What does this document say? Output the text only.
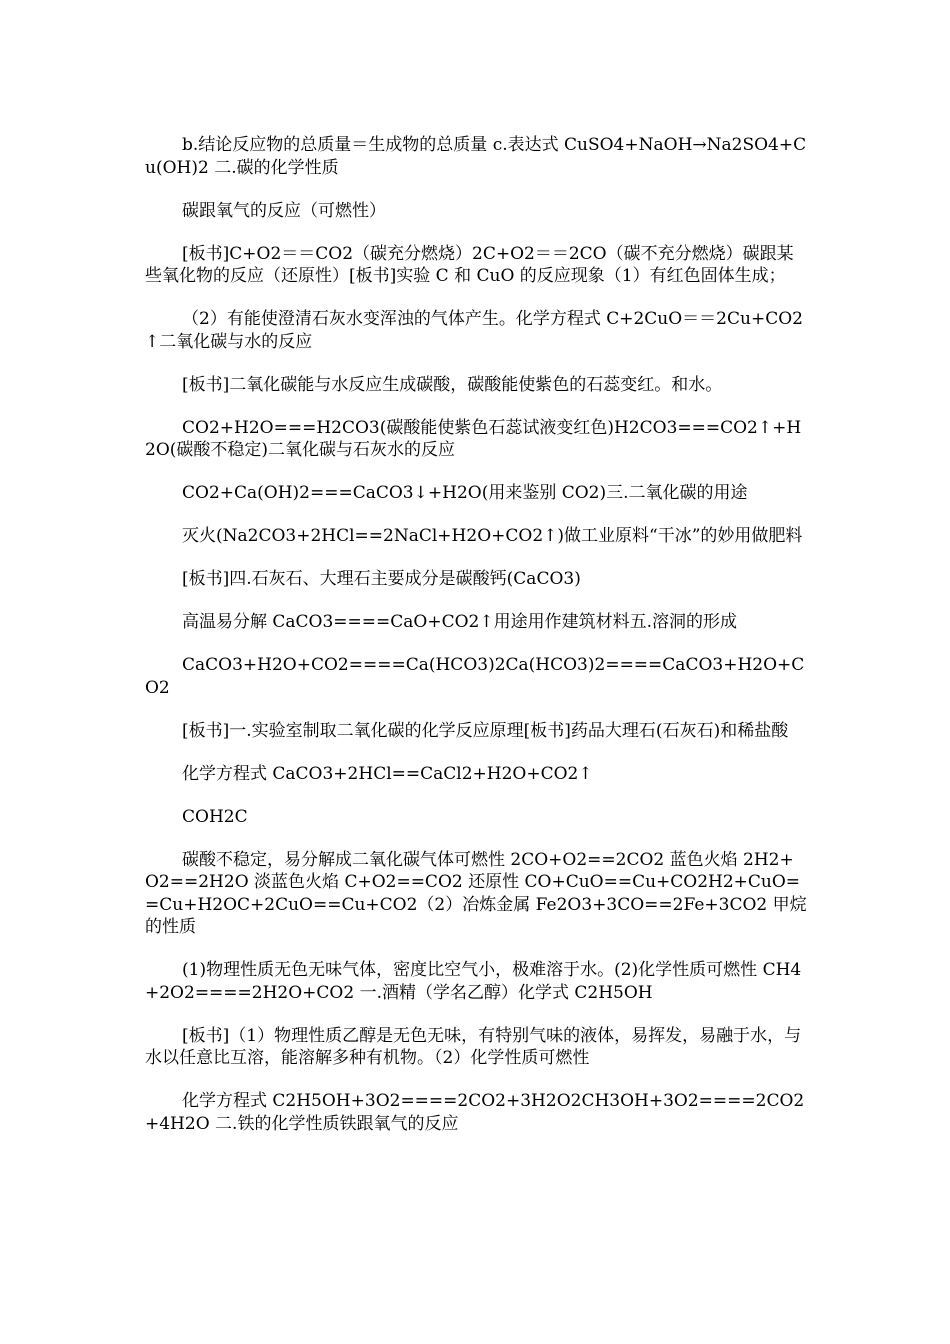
b.结论反应物的总质量＝生成物的总质量 c.表达式 CuSO4+NaOH→Na2SO4+Cu(OH)2 二.碳的化学性质

碳跟氧气的反应（可燃性）

[板书]C+O2＝＝CO2（碳充分燃烧）2C+O2＝＝2CO（碳不充分燃烧）碳跟某些氧化物的反应（还原性）[板书]实验 C 和 CuO 的反应现象（1）有红色固体生成；

（2）有能使澄清石灰水变浑浊的气体产生。化学方程式 C+2CuO＝＝2Cu+CO2↑二氧化碳与水的反应

[板书]二氧化碳能与水反应生成碳酸，碳酸能使紫色的石蕊变红。和水。

CO2+H2O===H2CO3(碳酸能使紫色石蕊试液变红色)H2CO3===CO2↑+H2O(碳酸不稳定)二氧化碳与石灰水的反应

CO2+Ca(OH)2===CaCO3↓+H2O(用来鉴别 CO2)三.二氧化碳的用途

灭火(Na2CO3+2HCl==2NaCl+H2O+CO2↑)做工业原料“干冰”的妙用做肥料

[板书]四.石灰石、大理石主要成分是碳酸钙(CaCO3)

高温易分解 CaCO3====CaO+CO2↑用途用作建筑材料五.溶洞的形成

CaCO3+H2O+CO2====Ca(HCO3)2Ca(HCO3)2====CaCO3+H2O+CO2

[板书]一.实验室制取二氧化碳的化学反应原理[板书]药品大理石(石灰石)和稀盐酸

化学方程式 CaCO3+2HCl==CaCl2+H2O+CO2↑

COH2C

碳酸不稳定，易分解成二氧化碳气体可燃性 2CO+O2==2CO2 蓝色火焰 2H2+O2==2H2O 淡蓝色火焰 C+O2==CO2 还原性 CO+CuO==Cu+CO2H2+CuO==Cu+H2OC+2CuO==Cu+CO2（2）冶炼金属 Fe2O3+3CO==2Fe+3CO2 甲烷的性质

(1)物理性质无色无味气体，密度比空气小，极难溶于水。(2)化学性质可燃性 CH4+2O2====2H2O+CO2 一.酒精（学名乙醇）化学式 C2H5OH

[板书]（1）物理性质乙醇是无色无味，有特别气味的液体，易挥发，易融于水，与水以任意比互溶，能溶解多种有机物。（2）化学性质可燃性

化学方程式 C2H5OH+3O2====2CO2+3H2O2CH3OH+3O2====2CO2+4H2O 二.铁的化学性质铁跟氧气的反应
